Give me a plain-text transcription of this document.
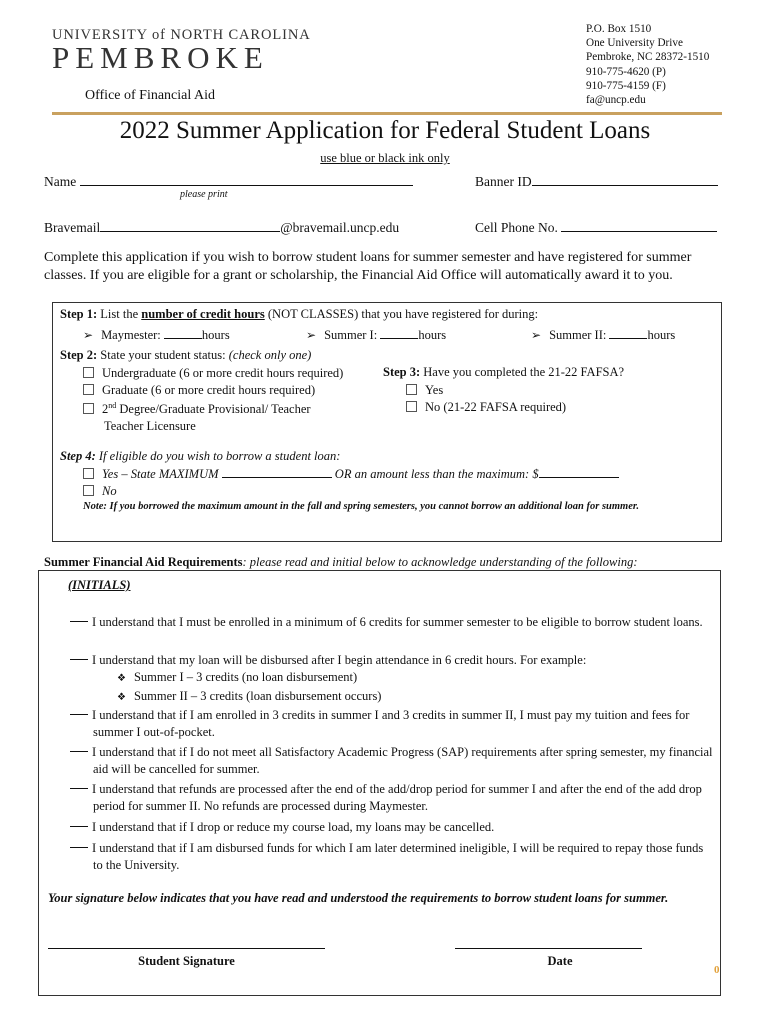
UNIVERSITY of NORTH CAROLINA
PEMBROKE
Office of Financial Aid
P.O. Box 1510
One University Drive
Pembroke, NC 28372-1510
910-775-4620 (P)
910-775-4159 (F)
fa@uncp.edu
2022 Summer Application for Federal Student Loans
use blue or black ink only
Name
please print
Banner ID
Bravemail	@bravemail.uncp.edu	Cell Phone No.
Complete this application if you wish to borrow student loans for summer semester and have registered for summer classes. If you are eligible for a grant or scholarship, the Financial Aid Office will automatically award it to you.
Step 1: List the number of credit hours (NOT CLASSES) that you have registered for during:
➢ Maymester:	hours	➢ Summer I:	hours	➢ Summer II:	hours
Step 2: State your student status: (check only one)
Undergraduate (6 or more credit hours required)
Graduate (6 or more credit hours required)
2nd Degree/Graduate Provisional/ Teacher
Teacher Licensure
Step 3: Have you completed the 21-22 FAFSA?
Yes
No (21-22 FAFSA required)
Step 4: If eligible do you wish to borrow a student loan:
Yes – State MAXIMUM	OR an amount less than the maximum: $
No
Note: If you borrowed the maximum amount in the fall and spring semesters, you cannot borrow an additional loan for summer.
Summer Financial Aid Requirements: please read and initial below to acknowledge understanding of the following:
(INITIALS)
I understand that I must be enrolled in a minimum of 6 credits for summer semester to be eligible to borrow student loans.
I understand that my loan will be disbursed after I begin attendance in 6 credit hours. For example:
❖ Summer I – 3 credits (no loan disbursement)
❖ Summer II – 3 credits (loan disbursement occurs)
I understand that if I am enrolled in 3 credits in summer I and 3 credits in summer II, I must pay my tuition and fees for summer I out-of-pocket.
I understand that if I do not meet all Satisfactory Academic Progress (SAP) requirements after spring semester, my financial aid will be cancelled for summer.
I understand that refunds are processed after the end of the add/drop period for summer I and after the end of the add drop period for summer II. No refunds are processed during Maymester.
I understand that if I drop or reduce my course load, my loans may be cancelled.
I understand that if I am disbursed funds for which I am later determined ineligible, I will be required to repay those funds to the University.
Your signature below indicates that you have read and understood the requirements to borrow student loans for summer.
Student Signature	Date
0
